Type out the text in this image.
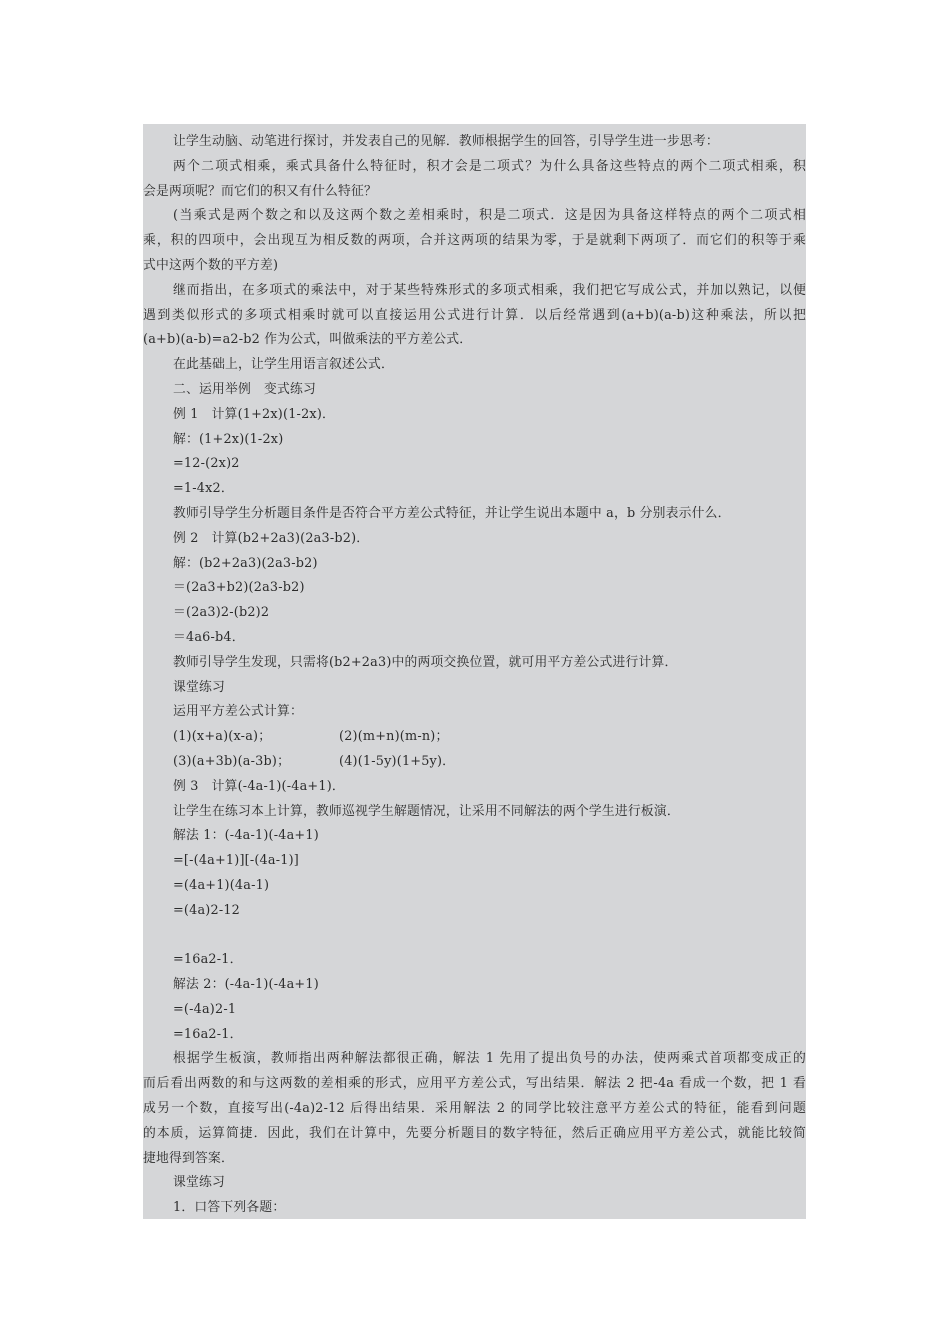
让学生动脑、动笔进行探讨，并发表自己的见解．教师根据学生的回答，引导学生进一步思考：
两个二项式相乘，乘式具备什么特征时，积才会是二项式？为什么具备这些特点的两个二项式相乘，积
会是两项呢？而它们的积又有什么特征？
(当乘式是两个数之和以及这两个数之差相乘时，积是二项式．这是因为具备这样特点的两个二项式相
乘，积的四项中，会出现互为相反数的两项，合并这两项的结果为零，于是就剩下两项了．而它们的积等于乘
式中这两个数的平方差)
继而指出，在多项式的乘法中，对于某些特殊形式的多项式相乘，我们把它写成公式，并加以熟记，以便
遇到类似形式的多项式相乘时就可以直接运用公式进行计算．以后经常遇到(a+b)(a-b)这种乘法，所以把
(a+b)(a-b)=a2-b2 作为公式，叫做乘法的平方差公式．
在此基础上，让学生用语言叙述公式．
二、运用举例　变式练习
例 1　计算(1+2x)(1-2x)．
解：(1+2x)(1-2x)
=12-(2x)2
=1-4x2．
教师引导学生分析题目条件是否符合平方差公式特征，并让学生说出本题中 a，b 分别表示什么．
例 2　计算(b2+2a3)(2a3-b2)．
解：(b2+2a3)(2a3-b2)
＝(2a3+b2)(2a3-b2)
＝(2a3)2-(b2)2
＝4a6-b4．
教师引导学生发现，只需将(b2+2a3)中的两项交换位置，就可用平方差公式进行计算．
课堂练习
运用平方差公式计算：
(1)(x+a)(x-a)；	(2)(m+n)(m-n)；
(3)(a+3b)(a-3b)；	(4)(1-5y)(1+5y)．
例 3　计算(-4a-1)(-4a+1)．
让学生在练习本上计算，教师巡视学生解题情况，让采用不同解法的两个学生进行板演．
解法 1：(-4a-1)(-4a+1)
=[-(4a+1)][-(4a-1)]
=(4a+1)(4a-1)
=(4a)2-12
=16a2-1．
解法 2：(-4a-1)(-4a+1)
=(-4a)2-1
=16a2-1．
根据学生板演，教师指出两种解法都很正确，解法 1 先用了提出负号的办法，使两乘式首项都变成正的
而后看出两数的和与这两数的差相乘的形式，应用平方差公式，写出结果．解法 2 把-4a 看成一个数，把 1 看
成另一个数，直接写出(-4a)2-12 后得出结果．采用解法 2 的同学比较注意平方差公式的特征，能看到问题
的本质，运算简捷．因此，我们在计算中，先要分析题目的数字特征，然后正确应用平方差公式，就能比较简
捷地得到答案．
课堂练习
1．口答下列各题：
